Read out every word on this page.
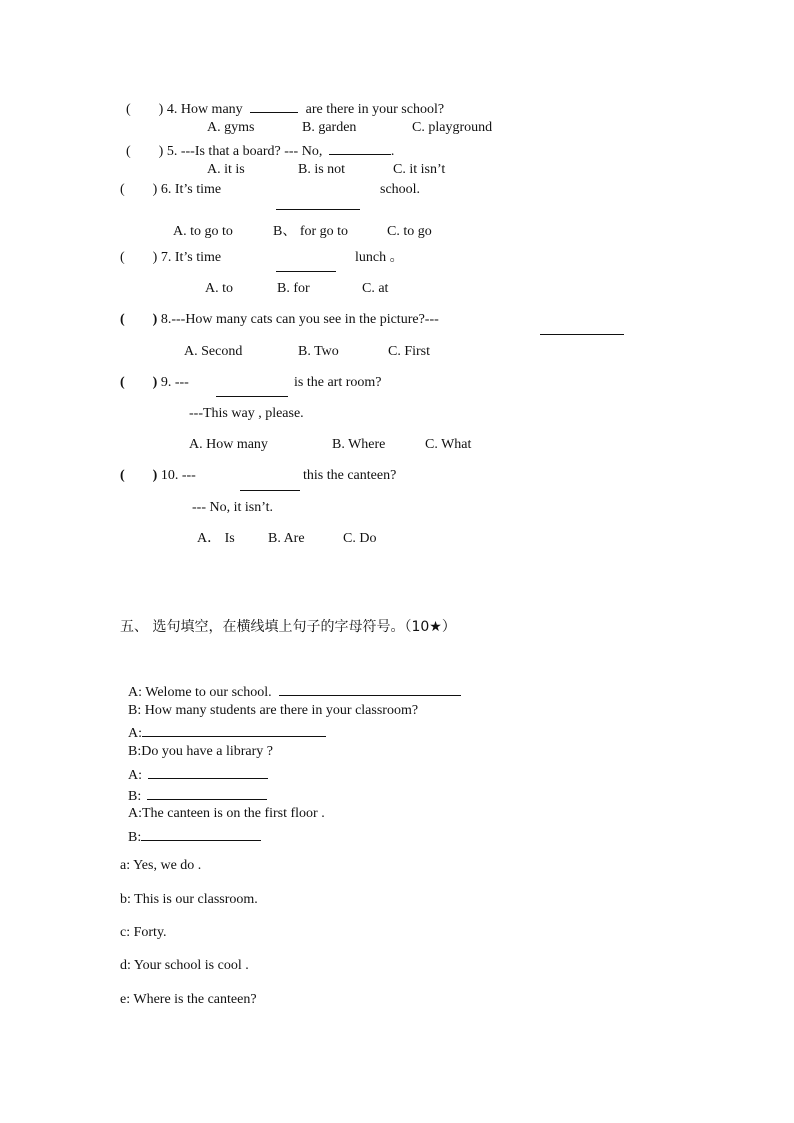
(　　) 4. How many	are there in your school?
A. gyms	B. garden	C. playground
(　　) 5. ---Is that a board? --- No,	.
A. it is	B. is not	C. it isn’t
(　　) 6. It’s time	school.
A. to go to	B、 for go to	C. to go
(　　) 7. It’s time	lunch 。
A. to	B. for	C. at
(　　) 8.---How many cats can you see in the picture?---
A. Second	B. Two	C. First
(　　) 9. ---	is the art room?
---This way , please.
A. How many	B. Where	C. What
(　　) 10. ---	this the canteen?
--- No, it isn’t.
A． Is B. Are	C. Do
五、 选句填空，在横线填上句子的字母符号。（10★）
A: Welome to our school.
B: How many students are there in your classroom?
A:
B:Do you have a library ?
A:
B:
A:The canteen is on the first floor .
B:
a: Yes, we do .
b: This is our classroom.
c: Forty.
d: Your school is cool .
e: Where is the canteen?
